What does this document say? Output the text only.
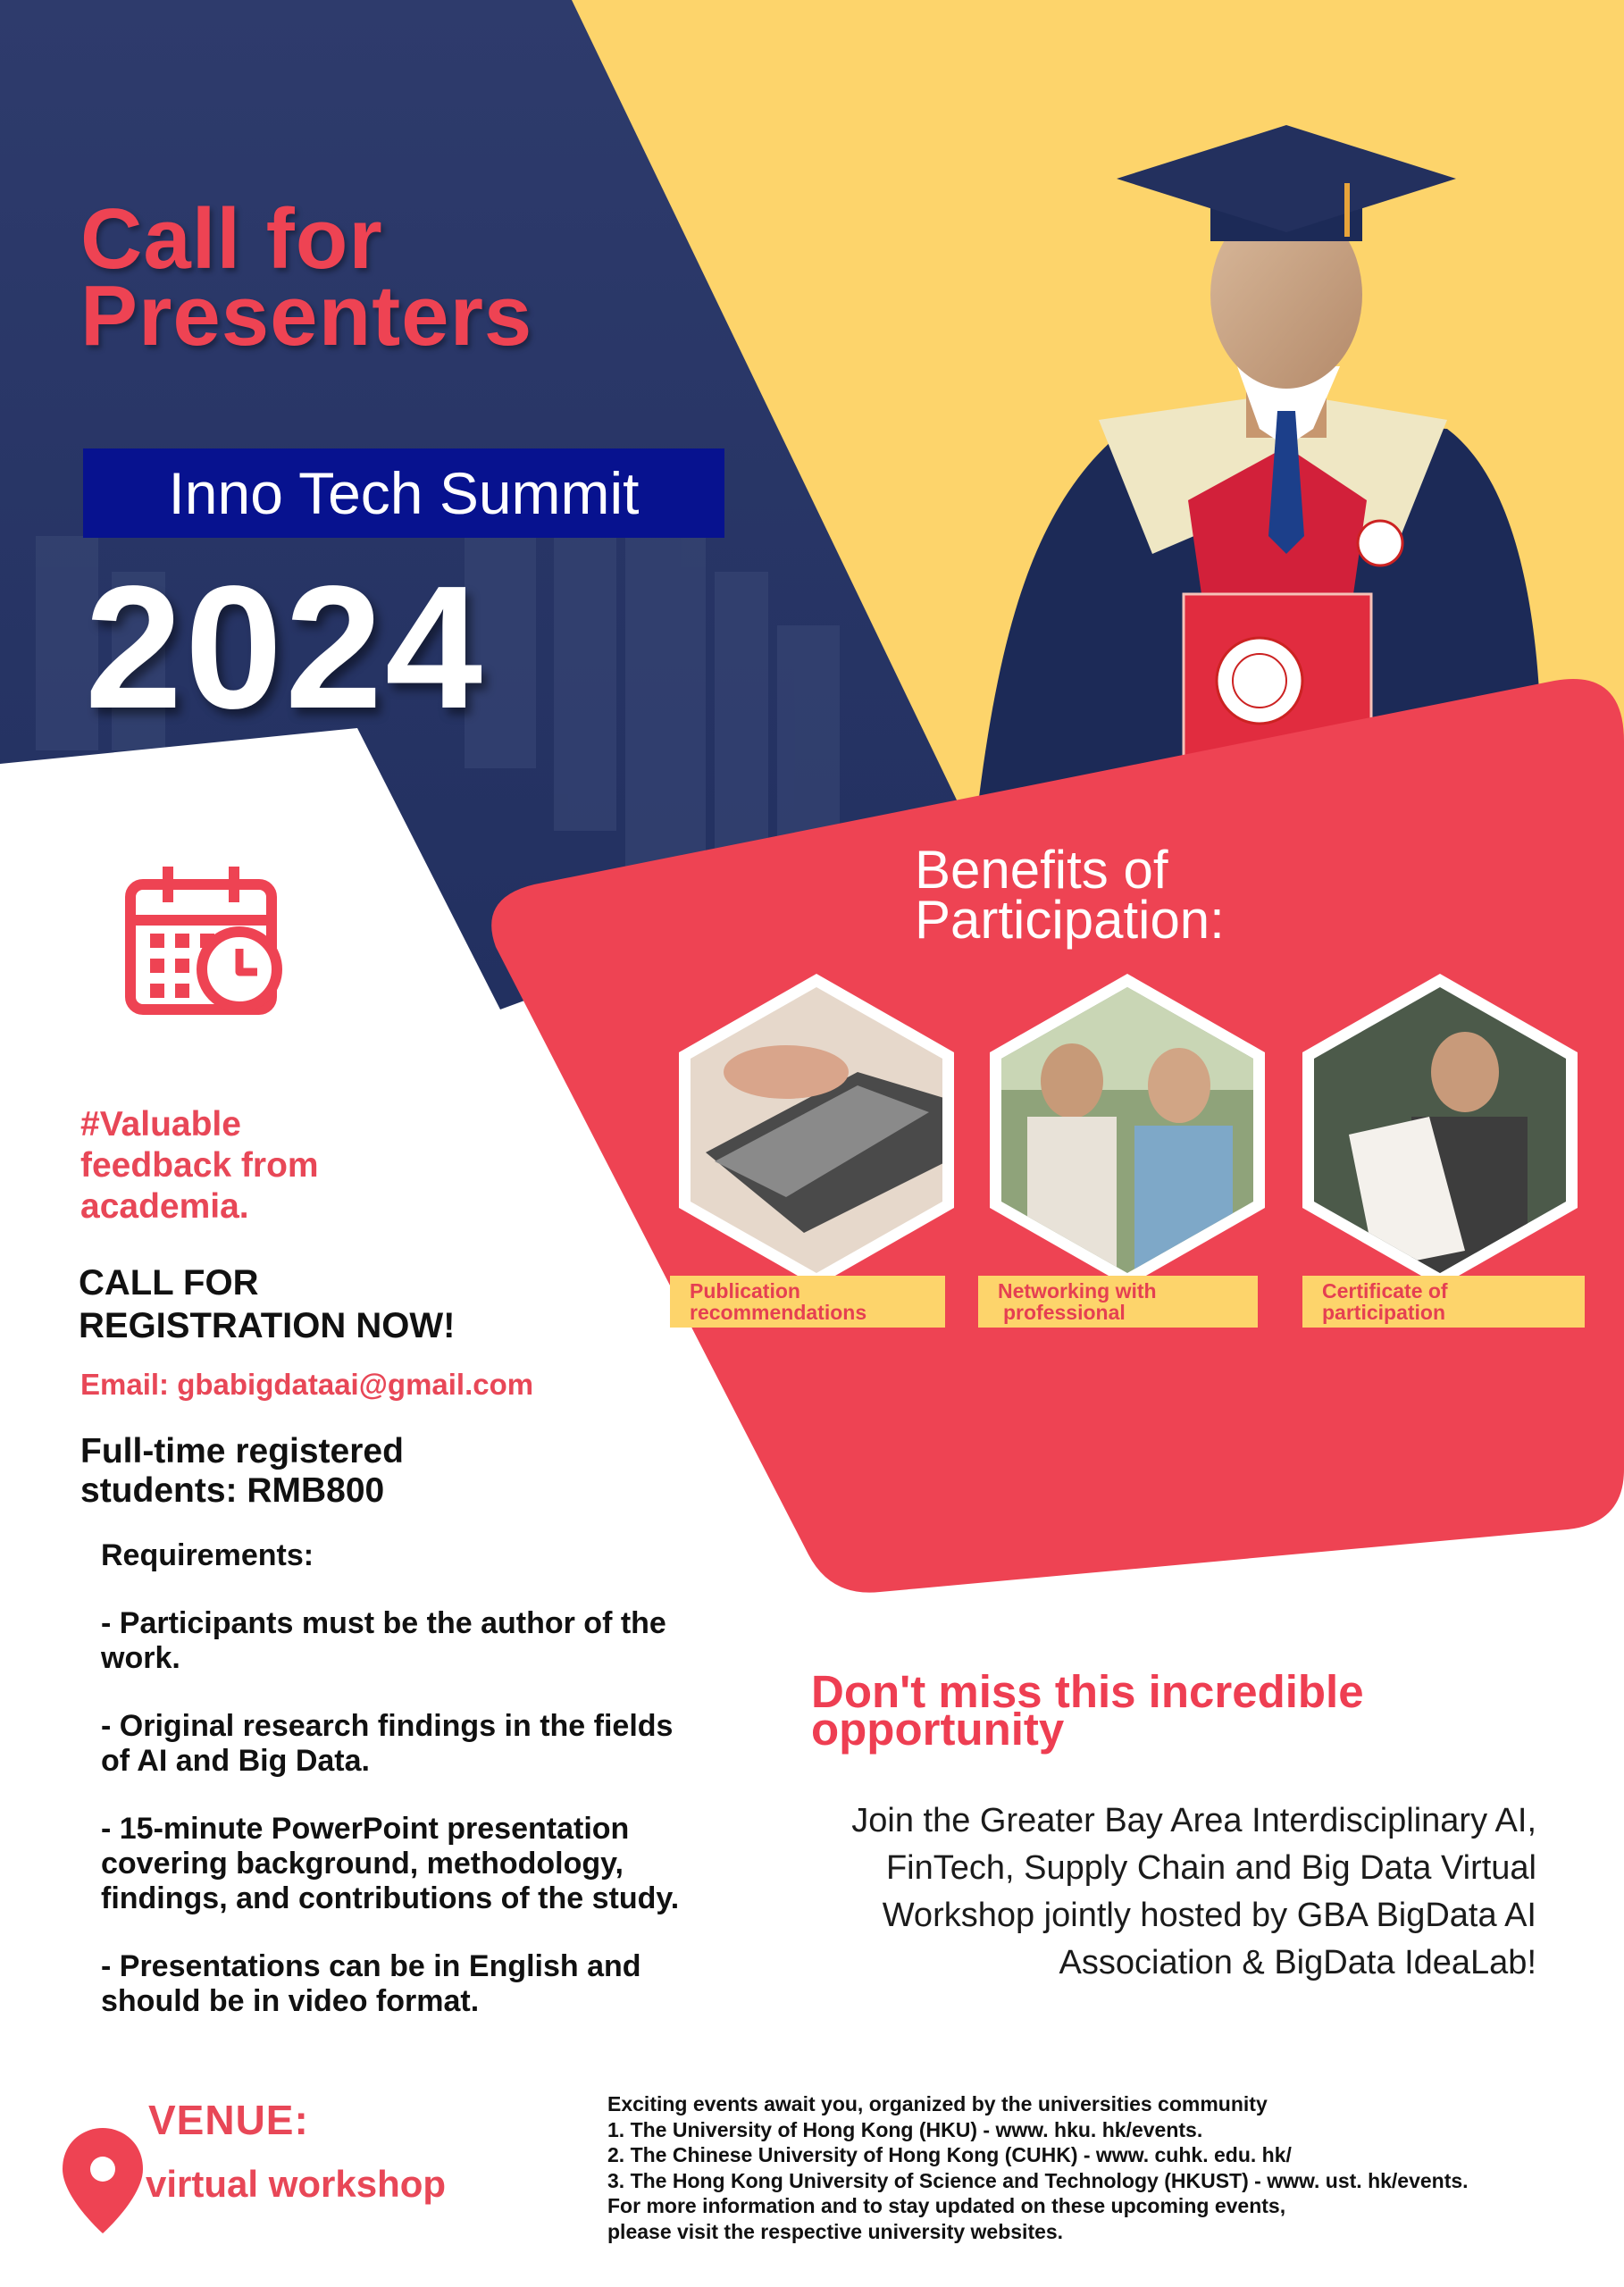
Call for
Presenters
Inno Tech Summit
2024
Benefits of
Participation:
Publication
recommendations
Networking with
professional
Certificate of
participation
#Valuable
feedback from
academia.
CALL FOR
REGISTRATION NOW!
Email: gbabigdataai@gmail.com
Full-time registered
students: RMB800

Requirements:

- Participants must be the author of the work.

- Original research findings in the fields of AI and Big Data.

- 15-minute PowerPoint presentation covering background, methodology, findings, and contributions of the study.

- Presentations can be in English and should be in video format.

Don't miss this incredible
opportunity
Join the Greater Bay Area Interdisciplinary AI,
FinTech, Supply Chain and Big Data Virtual
Workshop jointly hosted by GBA BigData AI
Association & BigData IdeaLab!
VENUE:
virtual workshop
Exciting events await you, organized by the universities community
1. The University of Hong Kong (HKU) - www. hku. hk/events.
2. The Chinese University of Hong Kong (CUHK) - www. cuhk. edu. hk/
3. The Hong Kong University of Science and Technology (HKUST) - www. ust. hk/events.
For more information and to stay updated on these upcoming events,
please visit the respective university websites.
